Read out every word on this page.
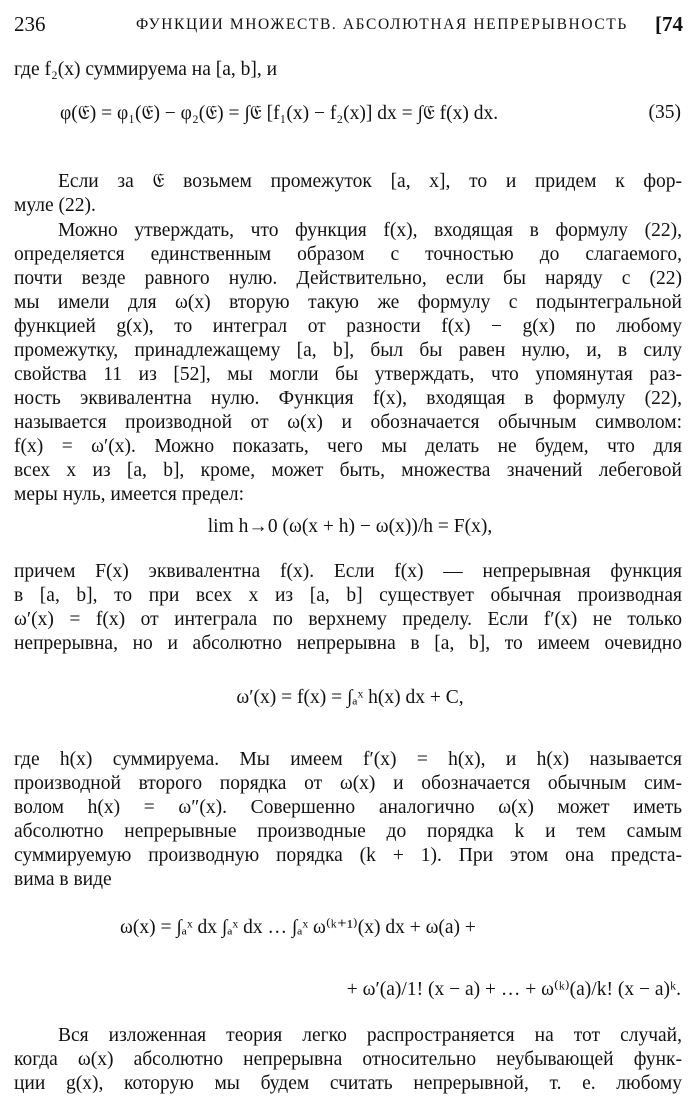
236	ФУНКЦИИ МНОЖЕСТВ. АБСОЛЮТНАЯ НЕПРЕРЫВНОСТЬ [74
где f₂(x) суммируема на [a, b], и
φ(𝔈) = φ₁(𝔈) − φ₂(𝔈) = ∫𝔈 [f₁(x) − f₂(x)] dx = ∫𝔈 f(x) dx.	(35)
Если за 𝔈 возьмем промежуток [a, x], то и придем к фор-
муле (22).
Можно утверждать, что функция f(x), входящая в формулу (22),
определяется единственным образом с точностью до слагаемого,
почти везде равного нулю. Действительно, если бы наряду с (22)
мы имели для ω(x) вторую такую же формулу с подынтегральной
функцией g(x), то интеграл от разности f(x) − g(x) по любому
промежутку, принадлежащему [a, b], был бы равен нулю, и, в силу
свойства 11 из [52], мы могли бы утверждать, что упомянутая раз-
ность эквивалентна нулю. Функция f(x), входящая в формулу (22),
называется производной от ω(x) и обозначается обычным символом:
f(x) = ω′(x). Можно показать, чего мы делать не будем, что для
всех x из [a, b], кроме, может быть, множества значений лебеговой
меры нуль, имеется предел:
lim h→0 (ω(x + h) − ω(x))/h = F(x),
причем F(x) эквивалентна f(x). Если f(x) — непрерывная функция
в [a, b], то при всех x из [a, b] существует обычная производная
ω′(x) = f(x) от интеграла по верхнему пределу. Если f′(x) не только
непрерывна, но и абсолютно непрерывна в [a, b], то имеем очевидно
ω′(x) = f(x) = ∫ₐˣ h(x) dx + C,
где h(x) суммируема. Мы имеем f′(x) = h(x), и h(x) называется
производной второго порядка от ω(x) и обозначается обычным сим-
волом h(x) = ω″(x). Совершенно аналогично ω(x) может иметь
абсолютно непрерывные производные до порядка k и тем самым
суммируемую производную порядка (k + 1). При этом она предста-
вима в виде
ω(x) = ∫ₐˣ dx ∫ₐˣ dx … ∫ₐˣ ω⁽ᵏ⁺¹⁾(x) dx + ω(a) +
+ ω′(a)/1! (x − a) + … + ω⁽ᵏ⁾(a)/k! (x − a)ᵏ.
Вся изложенная теория легко распространяется на тот случай,
когда ω(x) абсолютно непрерывна относительно неубывающей функ-
ции g(x), которую мы будем считать непрерывной, т. е. любому
